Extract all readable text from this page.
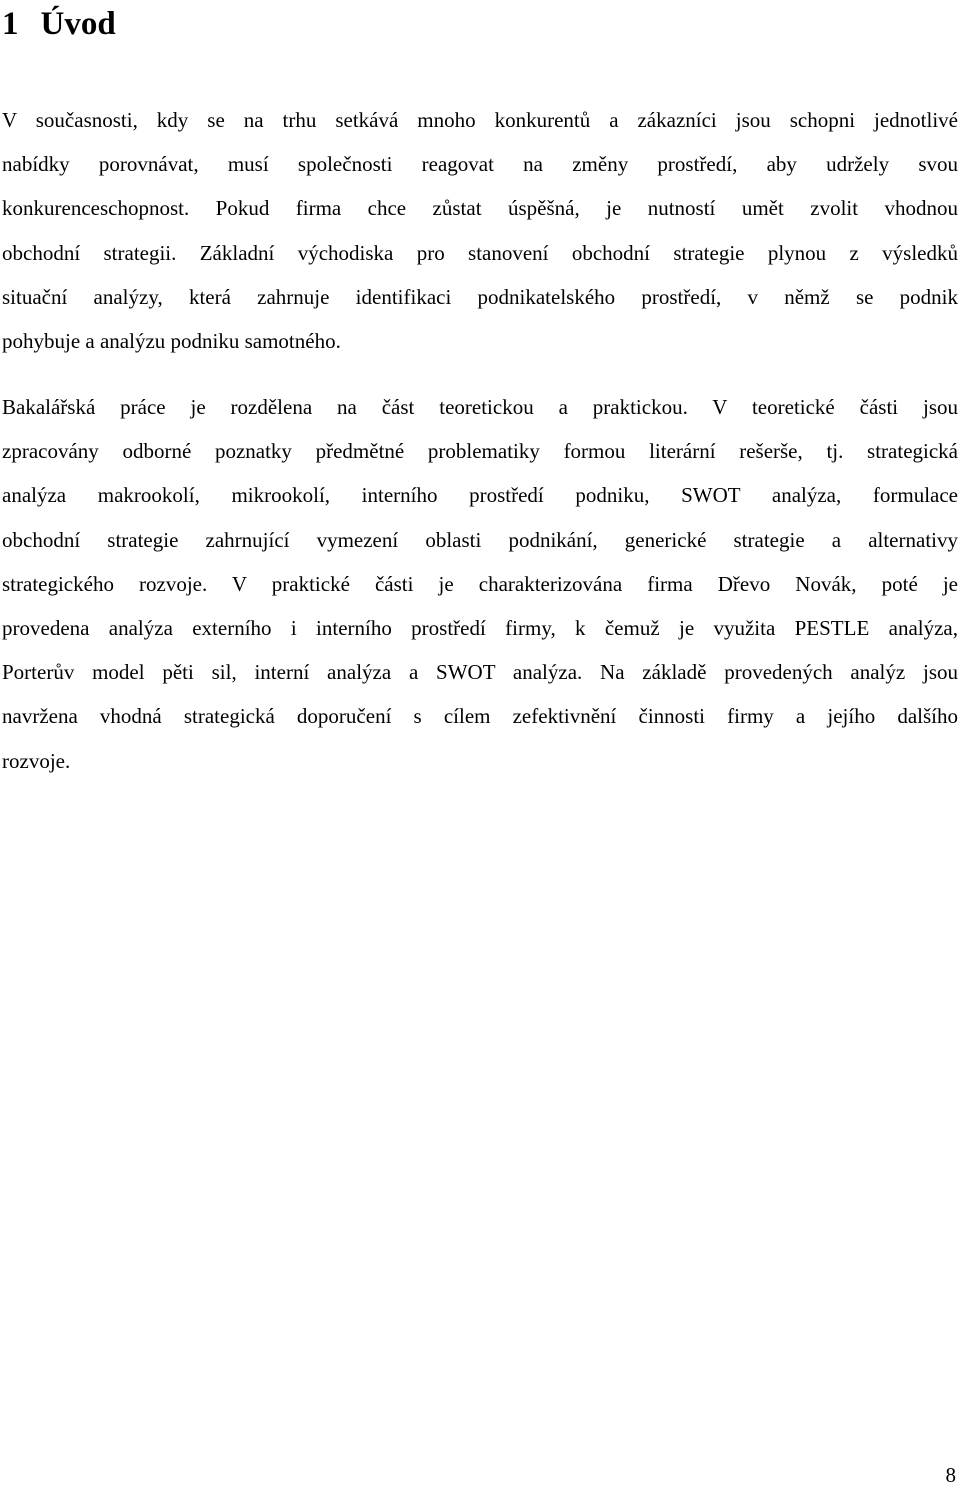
1 Úvod

V současnosti, kdy se na trhu setkává mnoho konkurentů a zákazníci jsou schopni jednotlivé
nabídky porovnávat, musí společnosti reagovat na změny prostředí, aby udržely svou
konkurenceschopnost. Pokud firma chce zůstat úspěšná, je nutností umět zvolit vhodnou
obchodní strategii. Základní východiska pro stanovení obchodní strategie plynou z výsledků
situační analýzy, která zahrnuje identifikaci podnikatelského prostředí, v němž se podnik
pohybuje a analýzu podniku samotného.

Bakalářská práce je rozdělena na část teoretickou a praktickou. V teoretické části jsou
zpracovány odborné poznatky předmětné problematiky formou literární rešerše, tj. strategická
analýza makrookolí, mikrookolí, interního prostředí podniku, SWOT analýza, formulace
obchodní strategie zahrnující vymezení oblasti podnikání, generické strategie a alternativy
strategického rozvoje. V praktické části je charakterizována firma Dřevo Novák, poté je
provedena analýza externího i interního prostředí firmy, k čemuž je využita PESTLE analýza,
Porterův model pěti sil, interní analýza a SWOT analýza. Na základě provedených analýz jsou
navržena vhodná strategická doporučení s cílem zefektivnění činnosti firmy a jejího dalšího
rozvoje.

8
